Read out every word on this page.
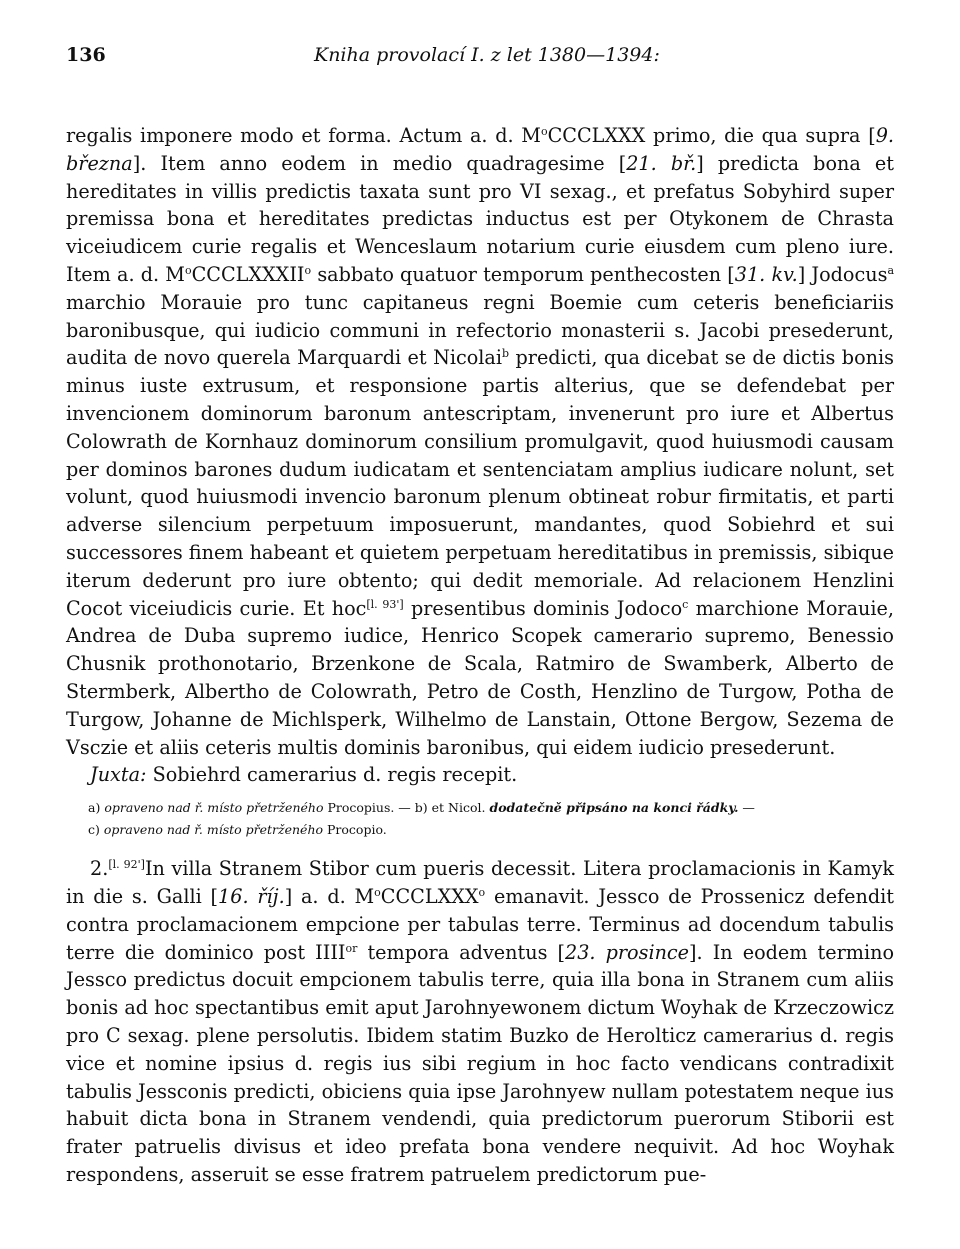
136	Kniha provolací I. z let 1380—1394:

regalis imponere modo et forma. Actum a. d. $M^oCCCLXXX$ primo, die qua supra [9. března]. Item anno eodem in medio quadragesime [21. bř.] predicta bona et hereditates in villis predictis taxata sunt pro VI sexag., et prefatus Sobyhird super premissa bona et hereditates predictas inductus est per Otykonem de Chrasta viceiudicem curie regalis et Wenceslaum notarium curie eiusdem cum pleno iure. Item a. d. $M^oCCCLXXXII^o$ sabbato quatuor temporum penthecosten [31. kv.] Jodocus$^a$ marchio Morauie pro tunc capitaneus regni Boemie cum ceteris beneficiariis baronibusque, qui iudicio communi in refectorio monasterii s. Jacobi presederunt, audita de novo querela Marquardi et Nicolai$^b$ predicti, qua dicebat se de dictis bonis minus iuste extrusum, et responsione partis alterius, que se defendebat per invencionem dominorum baronum antescriptam, invenerunt pro iure et Albertus Colowrath de Kornhauz dominorum consilium promulgavit, quod huiusmodi causam per dominos barones dudum iudicatam et sentenciatam amplius iudicare nolunt, set volunt, quod huiusmodi invencio baronum plenum obtineat robur firmitatis, et parti adverse silencium perpetuum imposuerunt, mandantes, quod Sobiehrd et sui successores finem habeant et quietem perpetuam hereditatibus in premissis, sibique iterum dederunt pro iure obtento; qui dedit memoriale. Ad relacionem Henzlini Cocot viceiudicis curie. Et hoc[l. 93'] presentibus dominis Jodoco$^c$ marchione Morauie, Andrea de Duba supremo iudice, Henrico Scopek camerario supremo, Benessio Chusnik prothonotario, Brzenkone de Scala, Ratmiro de Swamberk, Alberto de Stermberk, Albertho de Colowrath, Petro de Costh, Henzlino de Turgow, Potha de Turgow, Johanne de Michlsperk, Wilhelmo de Lanstain, Ottone Bergow, Sezema de Vsczie et aliis ceteris multis dominis baronibus, qui eidem iudicio presederunt.

Juxta: Sobiehrd camerarius d. regis recepit.

a) opraveno nad ř. místo přetrženého Procopius. — b) et Nicol. dodatečně připsáno na konci řádky. —

c) opraveno nad ř. místo přetrženého Procopio.

2.[l. 92']In villa Stranem Stibor cum pueris decessit. Litera proclamacionis in Kamyk in die s. Galli [16. říj.] a. d. $M^oCCCLXXX^o$ emanavit. Jessco de Prossenicz defendit contra proclamacionem empcione per tabulas terre. Terminus ad docendum tabulis terre die dominico post $IIII^{or}$ tempora adventus [23. prosince]. In eodem termino Jessco predictus docuit empcionem tabulis terre, quia illa bona in Stranem cum aliis bonis ad hoc spectantibus emit aput Jarohnyewonem dictum Woyhak de Krzeczowicz pro C sexag. plene persolutis. Ibidem statim Buzko de Herolticz camerarius d. regis vice et nomine ipsius d. regis ius sibi regium in hoc facto vendicans contradixit tabulis Jessconis predicti, obiciens quia ipse Jarohnyew nullam potestatem neque ius habuit dicta bona in Stranem vendendi, quia predictorum puerorum Stiborii est frater patruelis divisus et ideo prefata bona vendere nequivit. Ad hoc Woyhak respondens, asseruit se esse fratrem patruelem predictorum pue-
